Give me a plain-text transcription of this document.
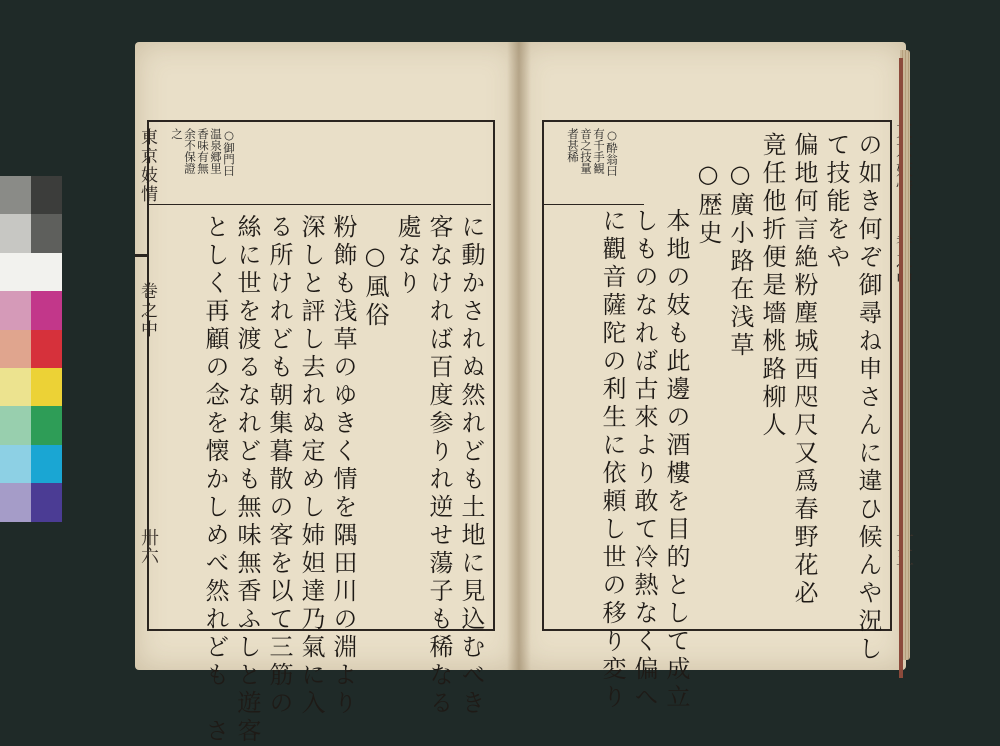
東京妓情
巻之中
卅六
○御門曰
温泉郷里
香味有無
余不保證
之
に動かされぬ然れども土地に見込むべき
客なければ百度参りれ逆せ蕩子も稀なる
處なり
　○風俗
粉飾も浅草のゆきく情を隅田川の淵より
深しと評し去れぬ定めし姉妲達乃氣に入
る所けれども朝集暮散の客を以て三筋の
絲に世を渡るなれども無味無香ふしと遊客
としく再顧の念を懐かしめべ然れども　さ
○酔翁曰
有千手観
音之技量
者甚稀	の如き何ぞ御尋ね申さんに違ひ候んや況し
て技能をや
偏地何言絶粉塵城西咫尺又爲春野花必
竟任他折便是墻桃路柳人
　○廣小路在浅草
　○歴史
本地の妓も此邊の酒樓を目的として成立
しものなれば古來より敢て冷熱なく偏へ
に觀音薩陀の利生に依頼し世の移り変り
